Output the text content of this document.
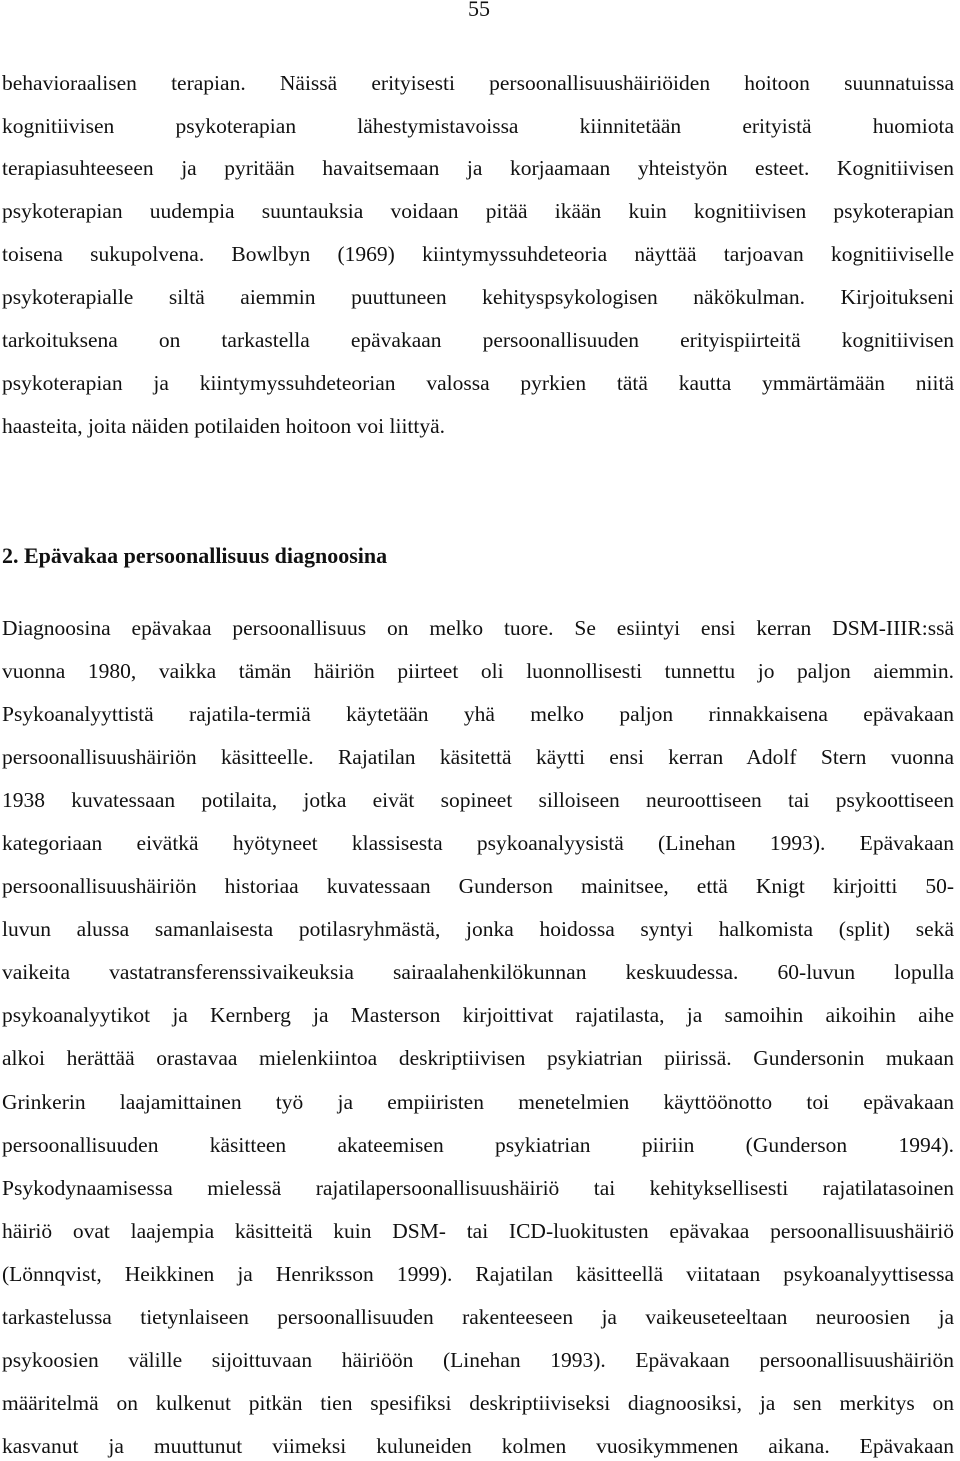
55
behavioraalisen terapian. Näissä erityisesti persoonallisuushäiriöiden hoitoon suunnatuissa
kognitiivisen psykoterapian lähestymistavoissa kiinnitetään erityistä huomiota
terapiasuhteeseen ja pyritään havaitsemaan ja korjaamaan yhteistyön esteet. Kognitiivisen
psykoterapian uudempia suuntauksia voidaan pitää ikään kuin kognitiivisen psykoterapian
toisena sukupolvena. Bowlbyn (1969) kiintymyssuhdeteoria näyttää tarjoavan kognitiiviselle
psykoterapialle siltä aiemmin puuttuneen kehityspsykologisen näkökulman. Kirjoitukseni
tarkoituksena on tarkastella epävakaan persoonallisuuden erityispiirteitä kognitiivisen
psykoterapian ja kiintymyssuhdeteorian valossa pyrkien tätä kautta ymmärtämään niitä
haasteita, joita näiden potilaiden hoitoon voi liittyä.
2. Epävakaa persoonallisuus diagnoosina
Diagnoosina epävakaa persoonallisuus on melko tuore. Se esiintyi ensi kerran DSM-IIIR:ssä
vuonna 1980, vaikka tämän häiriön piirteet oli luonnollisesti tunnettu jo paljon aiemmin.
Psykoanalyyttistä rajatila-termiä käytetään yhä melko paljon rinnakkaisena epävakaan
persoonallisuushäiriön käsitteelle. Rajatilan käsitettä käytti ensi kerran Adolf Stern vuonna
1938 kuvatessaan potilaita, jotka eivät sopineet silloiseen neuroottiseen tai psykoottiseen
kategoriaan eivätkä hyötyneet klassisesta psykoanalyysistä (Linehan 1993). Epävakaan
persoonallisuushäiriön historiaa kuvatessaan Gunderson mainitsee, että Knigt kirjoitti 50-
luvun alussa samanlaisesta potilasryhmästä, jonka hoidossa syntyi halkomista (split) sekä
vaikeita vastatransferenssivaikeuksia sairaalahenkilökunnan keskuudessa. 60-luvun lopulla
psykoanalyytikot ja Kernberg ja Masterson kirjoittivat rajatilasta, ja samoihin aikoihin aihe
alkoi herättää orastavaa mielenkiintoa deskriptiivisen psykiatrian piirissä. Gundersonin mukaan
Grinkerin laajamittainen työ ja empiiristen menetelmien käyttöönotto toi epävakaan
persoonallisuuden käsitteen akateemisen psykiatrian piiriin (Gunderson 1994).
Psykodynaamisessa mielessä rajatilapersoonallisuushäiriö tai kehityksellisesti rajatilatasoinen
häiriö ovat laajempia käsitteitä kuin DSM- tai ICD-luokitusten epävakaa persoonallisuushäiriö
(Lönnqvist, Heikkinen ja Henriksson 1999). Rajatilan käsitteellä viitataan psykoanalyyttisessa
tarkastelussa tietynlaiseen persoonallisuuden rakenteeseen ja vaikeuseteeltaan neuroosien ja
psykoosien välille sijoittuvaan häiriöön (Linehan 1993). Epävakaan persoonallisuushäiriön
määritelmä on kulkenut pitkän tien spesifiksi deskriptiiviseksi diagnoosiksi, ja sen merkitys on
kasvanut ja muuttunut viimeksi kuluneiden kolmen vuosikymmenen aikana. Epävakaan
